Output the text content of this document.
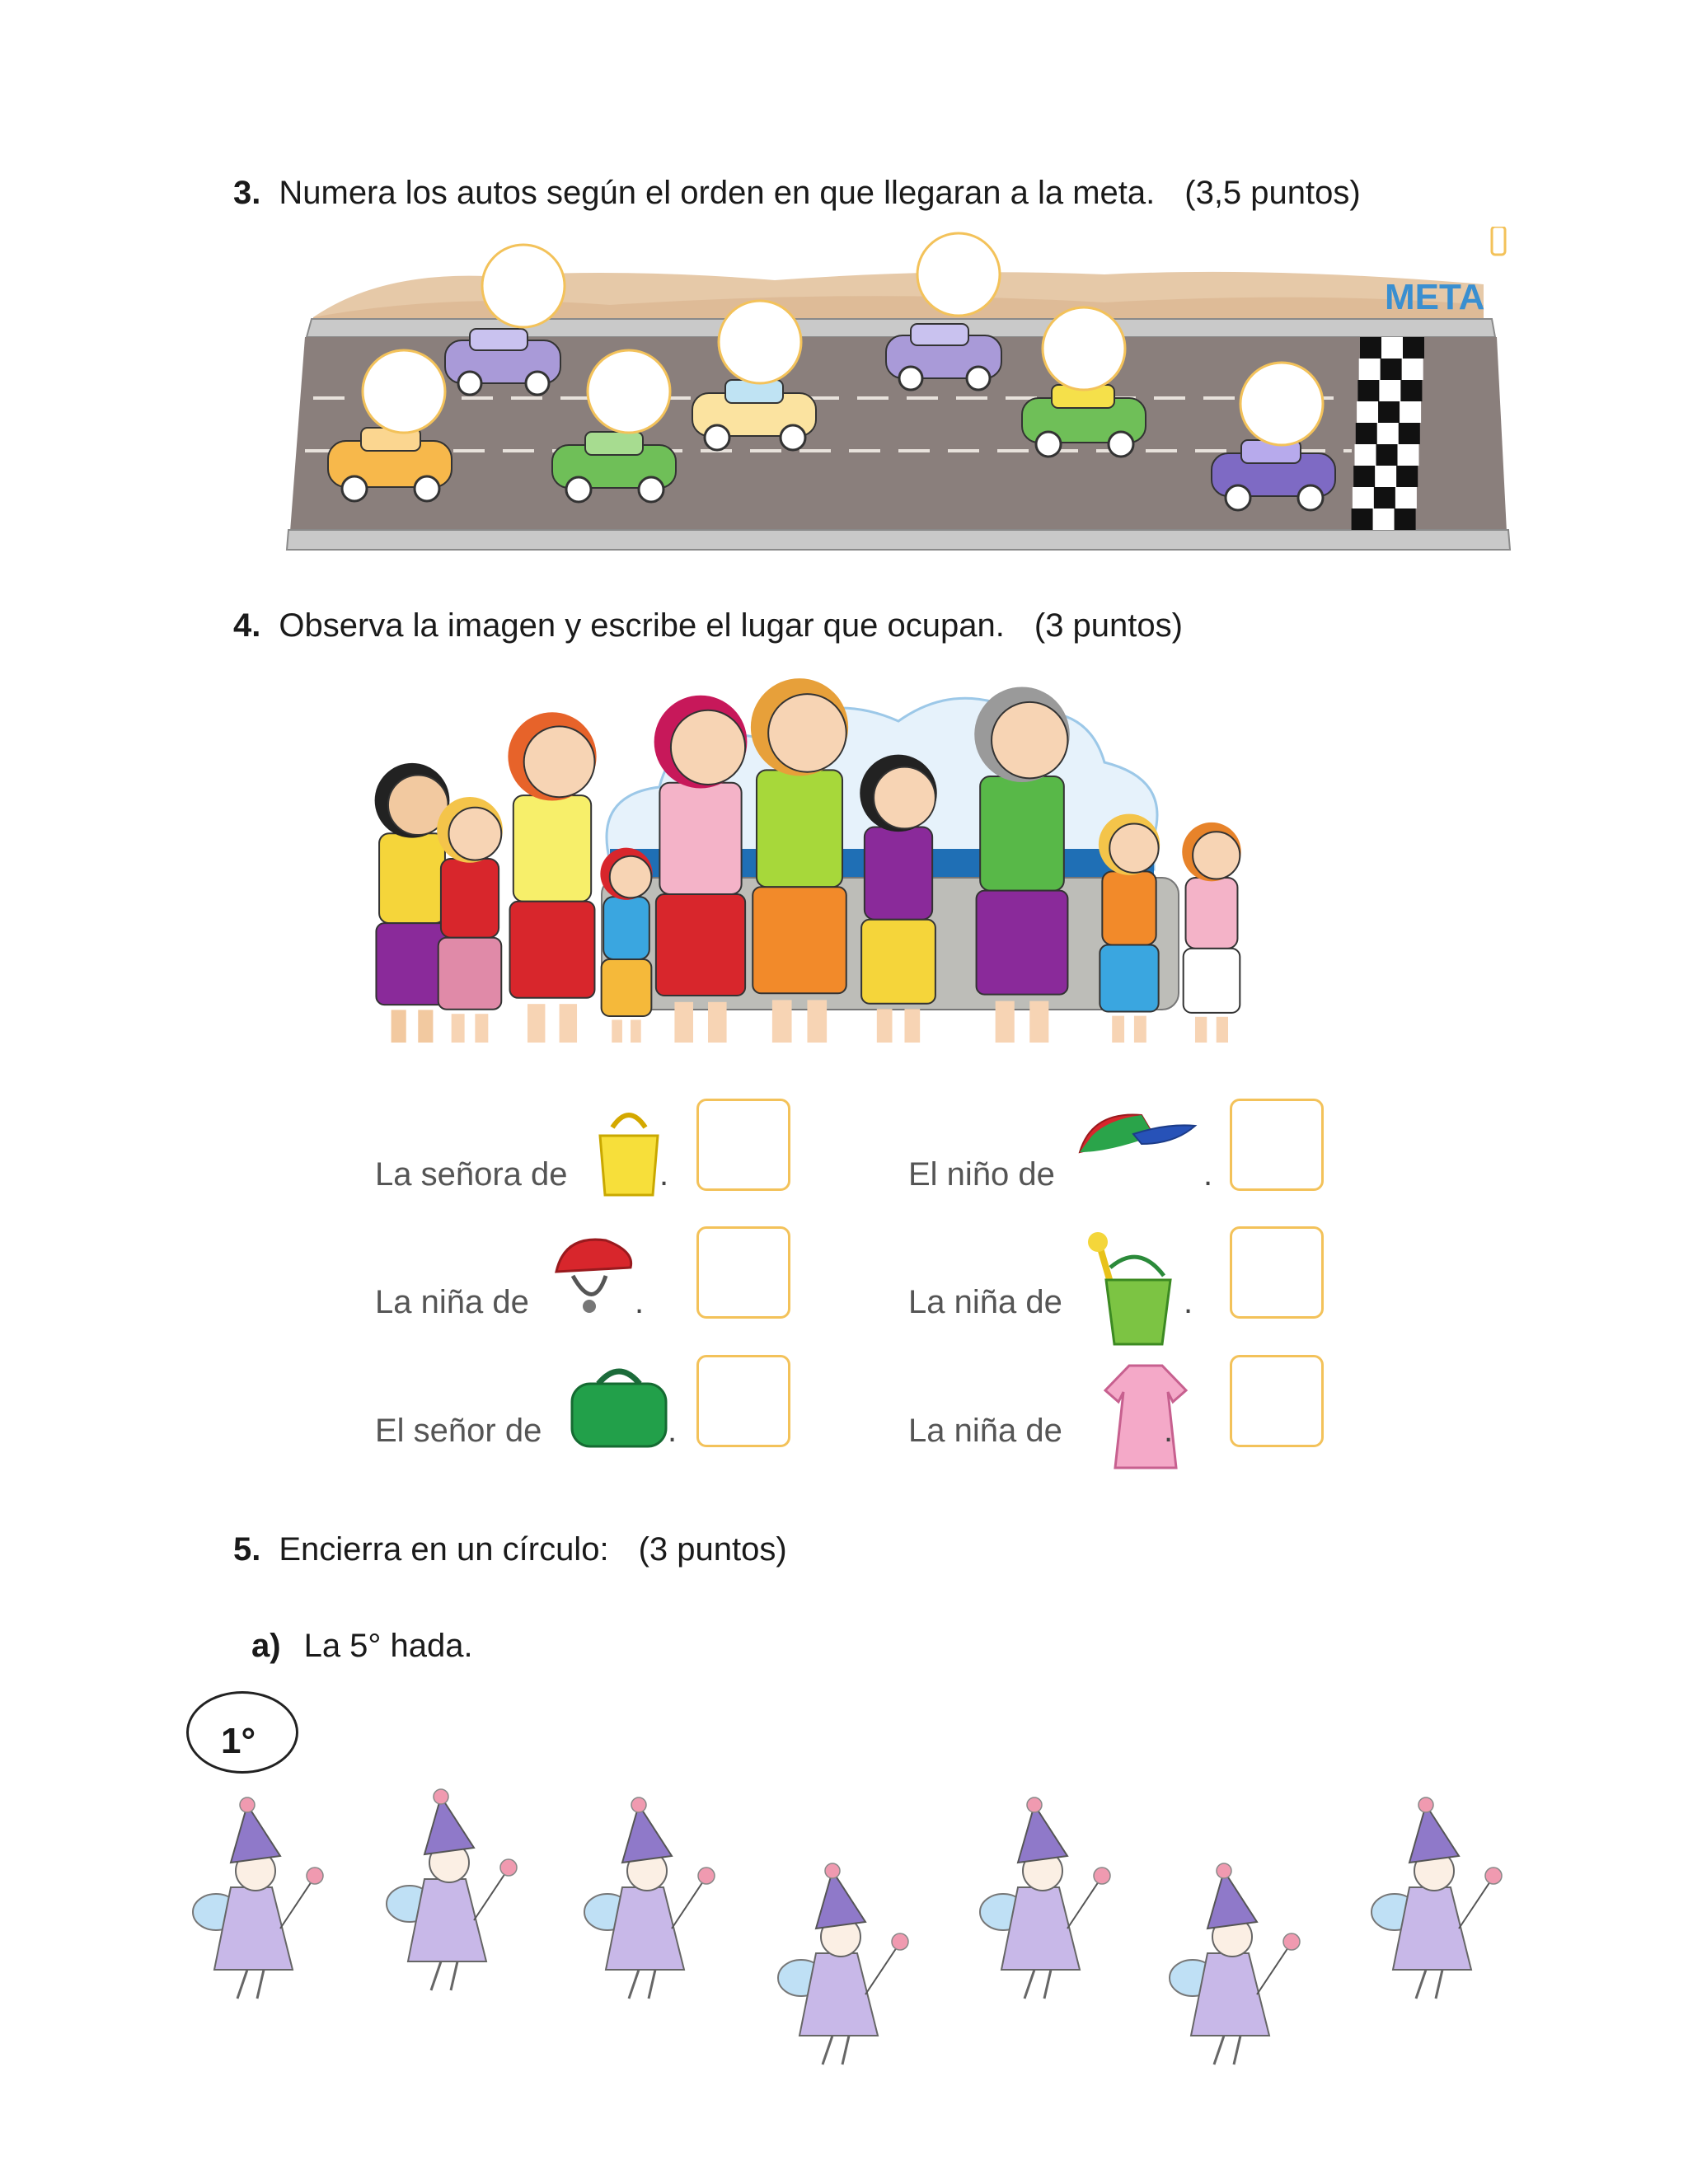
3. Numera los autos según el orden en que llegaran a la meta. (3,5 puntos)
META
4. Observa la imagen y escribe el lugar que ocupan. (3 puntos)
La señora de	.
La niña de	.
El señor de	.
El niño de	.
La niña de	.
La niña de	.
5. Encierra en un círculo: (3 puntos)
a) La 5° hada.
1°
